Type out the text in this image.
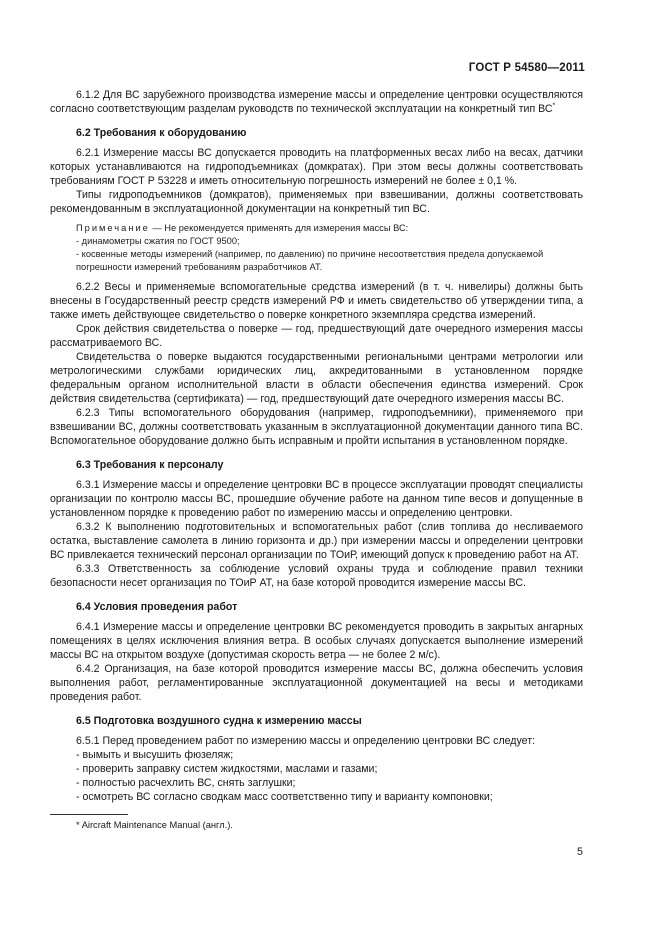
ГОСТ Р 54580—2011

6.1.2 Для ВС зарубежного производства измерение массы и определение центровки осуществляются согласно соответствующим разделам руководств по технической эксплуатации на конкретный тип ВС*

6.2 Требования к оборудованию

6.2.1 Измерение массы ВС допускается проводить на платформенных весах либо на весах, датчики которых устанавливаются на гидроподъемниках (домкратах). При этом весы должны соответствовать требованиям ГОСТ Р 53228 и иметь относительную погрешность измерений не более ± 0,1 %.

Типы гидроподъемников (домкратов), применяемых при взвешивании, должны соответствовать рекомендованным в эксплуатационной документации на конкретный тип ВС.

Примечание — Не рекомендуется применять для измерения массы ВС:
- динамометры сжатия по ГОСТ 9500;
- косвенные методы измерений (например, по давлению) по причине несоответствия предела допускаемой погрешности измерений требованиям разработчиков АТ.

6.2.2 Весы и применяемые вспомогательные средства измерений (в т. ч. нивелиры) должны быть внесены в Государственный реестр средств измерений РФ и иметь свидетельство об утверждении типа, а также иметь действующее свидетельство о поверке конкретного экземпляра средства измерений.

Срок действия свидетельства о поверке — год, предшествующий дате очередного измерения массы рассматриваемого ВС.

Свидетельства о поверке выдаются государственными региональными центрами метрологии или метрологическими службами юридических лиц, аккредитованными в установленном порядке федеральным органом исполнительной власти в области обеспечения единства измерений. Срок действия свидетельства (сертификата) — год, предшествующий дате очередного измерения массы ВС.

6.2.3 Типы вспомогательного оборудования (например, гидроподъемники), применяемого при взвешивании ВС, должны соответствовать указанным в эксплуатационной документации данного типа ВС. Вспомогательное оборудование должно быть исправным и пройти испытания в установленном порядке.

6.3 Требования к персоналу

6.3.1 Измерение массы и определение центровки ВС в процессе эксплуатации проводят специалисты организации по контролю массы ВС, прошедшие обучение работе на данном типе весов и допущенные в установленном порядке к проведению работ по измерению массы и определению центровки.

6.3.2 К выполнению подготовительных и вспомогательных работ (слив топлива до несливаемого остатка, выставление самолета в линию горизонта и др.) при измерении массы и определении центровки ВС привлекается технический персонал организации по ТОиР, имеющий допуск к проведению работ на АТ.

6.3.3 Ответственность за соблюдение условий охраны труда и соблюдение правил техники безопасности несет организация по ТОиР АТ, на базе которой проводится измерение массы ВС.

6.4 Условия проведения работ

6.4.1 Измерение массы и определение центровки ВС рекомендуется проводить в закрытых ангарных помещениях в целях исключения влияния ветра. В особых случаях допускается выполнение измерений массы ВС на открытом воздухе (допустимая скорость ветра — не более 2 м/с).

6.4.2 Организация, на базе которой проводится измерение массы ВС, должна обеспечить условия выполнения работ, регламентированные эксплуатационной документацией на весы и методиками проведения работ.

6.5 Подготовка воздушного судна к измерению массы

6.5.1 Перед проведением работ по измерению массы и определению центровки ВС следует:

- вымыть и высушить фюзеляж;

- проверить заправку систем жидкостями, маслами и газами;

- полностью расчехлить ВС, снять заглушки;

- осмотреть ВС согласно сводкам масс соответственно типу и варианту компоновки;

* Aircraft Maintenance Manual (англ.).
5
